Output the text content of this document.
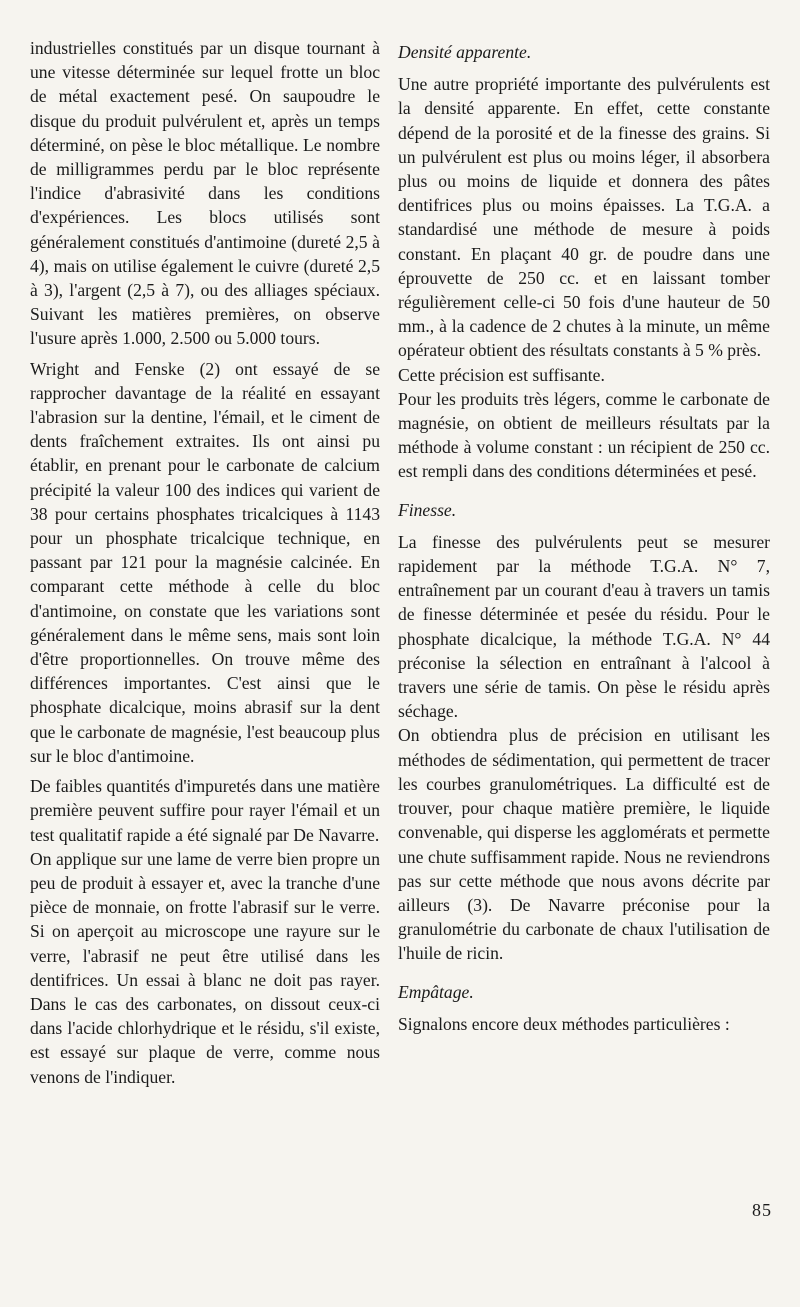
industrielles constitués par un disque tournant à une vitesse déterminée sur lequel frotte un bloc de métal exactement pesé. On saupoudre le disque du produit pulvérulent et, après un temps déterminé, on pèse le bloc métallique. Le nombre de milligrammes perdu par le bloc représente l'indice d'abrasivité dans les conditions d'expériences. Les blocs utilisés sont généralement constitués d'antimoine (dureté 2,5 à 4), mais on utilise également le cuivre (dureté 2,5 à 3), l'argent (2,5 à 7), ou des alliages spéciaux. Suivant les matières premières, on observe l'usure après 1.000, 2.500 ou 5.000 tours.

Wright and Fenske (2) ont essayé de se rapprocher davantage de la réalité en essayant l'abrasion sur la dentine, l'émail, et le ciment de dents fraîchement extraites. Ils ont ainsi pu établir, en prenant pour le carbonate de calcium précipité la valeur 100 des indices qui varient de 38 pour certains phosphates tricalciques à 1143 pour un phosphate tricalcique technique, en passant par 121 pour la magnésie calcinée. En comparant cette méthode à celle du bloc d'antimoine, on constate que les variations sont généralement dans le même sens, mais sont loin d'être proportionnelles. On trouve même des différences importantes. C'est ainsi que le phosphate dicalcique, moins abrasif sur la dent que le carbonate de magnésie, l'est beaucoup plus sur le bloc d'antimoine.

De faibles quantités d'impuretés dans une matière première peuvent suffire pour rayer l'émail et un test qualitatif rapide a été signalé par De Navarre.

On applique sur une lame de verre bien propre un peu de produit à essayer et, avec la tranche d'une pièce de monnaie, on frotte l'abrasif sur le verre. Si on aperçoit au microscope une rayure sur le verre, l'abrasif ne peut être utilisé dans les dentifrices. Un essai à blanc ne doit pas rayer. Dans le cas des carbonates, on dissout ceux-ci dans l'acide chlorhydrique et le résidu, s'il existe, est essayé sur plaque de verre, comme nous venons de l'indiquer.

Densité apparente.

Une autre propriété importante des pulvérulents est la densité apparente. En effet, cette constante dépend de la porosité et de la finesse des grains. Si un pulvérulent est plus ou moins léger, il absorbera plus ou moins de liquide et donnera des pâtes dentifrices plus ou moins épaisses. La T.G.A. a standardisé une méthode de mesure à poids constant. En plaçant 40 gr. de poudre dans une éprouvette de 250 cc. et en laissant tomber régulièrement celle-ci 50 fois d'une hauteur de 50 mm., à la cadence de 2 chutes à la minute, un même opérateur obtient des résultats constants à 5 % près.

Cette précision est suffisante.

Pour les produits très légers, comme le carbonate de magnésie, on obtient de meilleurs résultats par la méthode à volume constant : un récipient de 250 cc. est rempli dans des conditions déterminées et pesé.

Finesse.

La finesse des pulvérulents peut se mesurer rapidement par la méthode T.G.A. N° 7, entraînement par un courant d'eau à travers un tamis de finesse déterminée et pesée du résidu. Pour le phosphate dicalcique, la méthode T.G.A. N° 44 préconise la sélection en entraînant à l'alcool à travers une série de tamis. On pèse le résidu après séchage.

On obtiendra plus de précision en utilisant les méthodes de sédimentation, qui permettent de tracer les courbes granulométriques. La difficulté est de trouver, pour chaque matière première, le liquide convenable, qui disperse les agglomérats et permette une chute suffisamment rapide. Nous ne reviendrons pas sur cette méthode que nous avons décrite par ailleurs (3). De Navarre préconise pour la granulométrie du carbonate de chaux l'utilisation de l'huile de ricin.

Empâtage.

Signalons encore deux méthodes particulières :

85
